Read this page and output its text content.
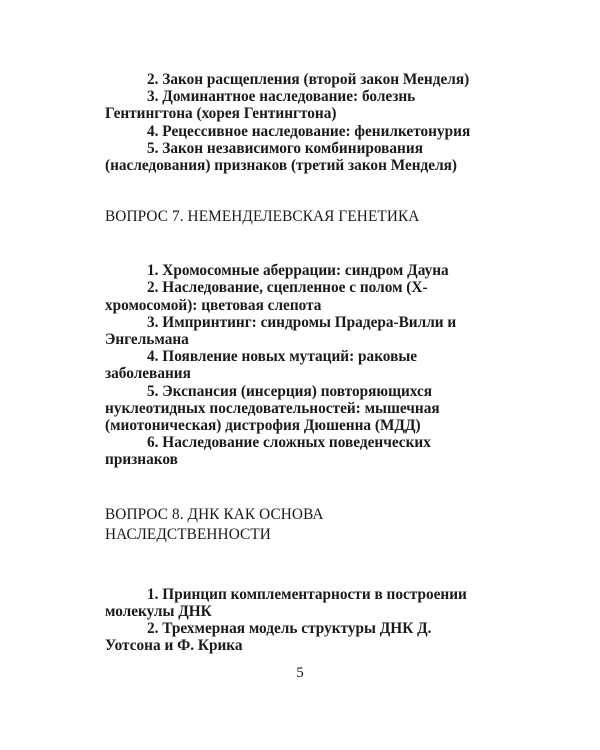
2. Закон расщепления (второй закон Менделя)

3. Доминантное наследование: болезнь Гентингтона (хорея Гентингтона)

4. Рецессивное наследование: фенилкетонурия

5. Закон независимого комбинирования (наследования) признаков (третий закон Менделя)

ВОПРОС 7. НЕМЕНДЕЛЕВСКАЯ ГЕНЕТИКА

1. Хромосомные аберрации: синдром Дауна

2. Наследование, сцепленное с полом (Х-хромосомой): цветовая слепота

3. Импринтинг: синдромы Прадера-Вилли и Энгельмана

4. Появление новых мутаций: раковые заболевания

5. Экспансия (инсерция) повторяющихся нуклеотидных последовательностей: мышечная (миотоническая) дистрофия Дюшенна (МДД)

6. Наследование сложных поведенческих признаков

ВОПРОС 8. ДНК КАК ОСНОВА НАСЛЕДСТВЕННОСТИ

1. Принцип комплементарности в построении молекулы ДНК

2. Трехмерная модель структуры ДНК Д. Уотсона и Ф. Крика

5
